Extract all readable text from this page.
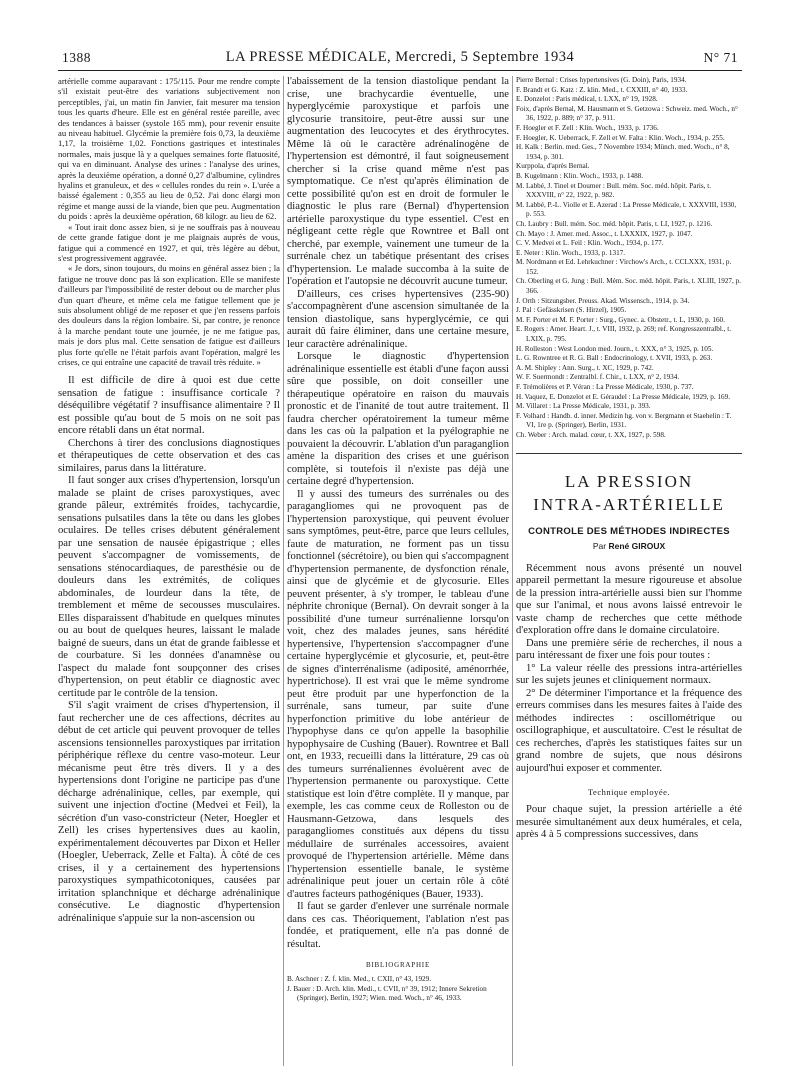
1388	LA PRESSE MÉDICALE, Mercredi, 5 Septembre 1934	N° 71

artérielle comme auparavant : 175/115. Pour me rendre compte s'il existait peut-être des variations subjectivement non perceptibles, j'ai, un matin fin Janvier, fait mesurer ma tension tous les quarts d'heure. Elle est en général restée pareille, avec des tendances à baisser (systole 165 mm), pour revenir ensuite au niveau habituel. Glycémie la première fois 0,73, la deuxième 1,17, la troisième 1,02. Fonctions gastriques et intestinales normales, mais jusque là y a quelques semaines forte flatuosité, qui va en diminuant. Analyse des urines : l'analyse des urines, après la deuxième opération, a donné 0,27 d'albumine, cylindres hyalins et granuleux, et des « cellules rondes du rein ». L'urée a baissé également : 0,355 au lieu de 0,52. J'ai donc élargi mon régime et mange aussi de la viande, bien que peu. Augmentation du poids : après la deuxième opération, 68 kilogr. au lieu de 62.

« Tout irait donc assez bien, si je ne souffrais pas à nouveau de cette grande fatigue dont je me plaignais auprès de vous, fatigue qui a commencé en 1927, et qui, très légère au début, s'est progressivement aggravée.

« Je dors, sinon toujours, du moins en général assez bien ; la fatigue ne trouve donc pas là son explication. Elle se manifeste d'ailleurs par l'impossibilité de rester debout ou de marcher plus d'un quart d'heure, et même cela me fatigue tellement que je suis absolument obligé de me reposer et que j'en ressens parfois des douleurs dans la région lombaire. Si, par contre, je renonce à la marche pendant toute une journée, je ne me fatigue pas, mais je dors plus mal. Cette sensation de fatigue est d'ailleurs plus forte qu'elle ne l'était parfois avant l'opération, malgré les crises, ce qui entraîne une capacité de travail très réduite. »

Il est difficile de dire à quoi est due cette sensation de fatigue : insuffisance corticale ? déséquilibre végétatif ? insuffisance alimentaire ? Il est possible qu'au bout de 5 mois on ne soit pas encore rétabli dans un état normal.

Cherchons à tirer des conclusions diagnostiques et thérapeutiques de cette observation et des cas similaires, parus dans la littérature.

Il faut songer aux crises d'hypertension, lorsqu'un malade se plaint de crises paroxystiques, avec grande pâleur, extrémités froides, tachycardie, sensations pulsatiles dans la tête ou dans les globes oculaires. De telles crises débutent généralement par une sensation de nausée épigastrique ; elles peuvent s'accompagner de vomissements, de sensations sténocardiaques, de paresthésie ou de douleurs dans les extrémités, de coliques abdominales, de lourdeur dans la tête, de tremblement et même de secousses musculaires. Elles disparaissent d'habitude en quelques minutes ou au bout de quelques heures, laissant le malade baigné de sueurs, dans un état de grande faiblesse et de courbature. Si les données d'anamnèse ou l'aspect du malade font soupçonner des crises d'hypertension, on peut établir ce diagnostic avec certitude par le contrôle de la tension.

S'il s'agit vraiment de crises d'hypertension, il faut rechercher une de ces affections, décrites au début de cet article qui peuvent provoquer de telles ascensions tensionnelles paroxystiques par irritation périphérique réflexe du centre vaso-moteur. Leur mécanisme peut être très divers. Il y a des hypertensions dont l'origine ne participe pas d'une décharge adrénalinique, celles, par exemple, qui suivent une injection d'octine (Medvei et Feil), la sécrétion d'un vaso-constricteur (Neter, Hoegler et Zell) les crises hypertensives dues au kaolin, expérimentalement découvertes par Dixon et Heller (Hoegler, Ueberrack, Zelle et Falta). À côté de ces crises, il y a certainement des hypertensions paroxystiques sympathicotoniques, causées par irritation splanchnique et décharge adrénalinique consécutive. Le diagnostic d'hypertension adrénalinique s'appuie sur la non-ascension ou

l'abaissement de la tension diastolique pendant la crise, une brachycardie éventuelle, une hyperglycémie paroxystique et parfois une glycosurie transitoire, peut-être aussi sur une augmentation des leucocytes et des érythrocytes. Même là où le caractère adrénalinogène de l'hypertension est démontré, il faut soigneusement chercher si la crise quand même n'est pas symptomatique. Ce n'est qu'après élimination de cette possibilité qu'on est en droit de formuler le diagnostic le plus rare (Bernal) d'hypertension artérielle paroxystique du type essentiel. C'est en négligeant cette règle que Rowntree et Ball ont cherché, par exemple, vainement une tumeur de la surrénale chez un tabétique présentant des crises d'hypertension. Le malade succomba à la suite de l'opération et l'autopsie ne découvrit aucune tumeur.

D'ailleurs, ces crises hypertensives (235-90) s'accompagnèrent d'une ascension simultanée de la tension diastolique, sans hyperglycémie, ce qui aurait dû faire éliminer, dans une certaine mesure, leur caractère adrénalinique.

Lorsque le diagnostic d'hypertension adrénalinique essentielle est établi d'une façon aussi sûre que possible, on doit conseiller une thérapeutique opératoire en raison du mauvais pronostic et de l'inanité de tout autre traitement. Il faudra chercher opératoirement la tumeur même dans les cas où la palpation et la pyélographie ne pouvaient la découvrir. L'ablation d'un paraganglion amène la disparition des crises et une guérison complète, si toutefois il n'existe pas déjà une certaine degré d'hypertension.

Il y aussi des tumeurs des surrénales ou des paragangliomes qui ne provoquent pas de l'hypertension paroxystique, qui peuvent évoluer sans symptômes, peut-être, parce que leurs cellules, faute de maturation, ne forment pas un tissu fonctionnel (sécrétoire), ou bien qui s'accompagnent d'hypertension permanente, de dysfonction rénale, ainsi que de glycémie et de glycosurie. Elles peuvent présenter, à s'y tromper, le tableau d'une néphrite chronique (Bernal). On devrait songer à la possibilité d'une tumeur surrénalienne lorsqu'on voit, chez des malades jeunes, sans hérédité hypertensive, l'hypertension s'accompagner d'une certaine hyperglycémie et glycosurie, et, peut-être de signes d'interrénalisme (adiposité, aménorrhée, hypertrichose). Il est vrai que le même syndrome peut être produit par une hyperfonction de la surrénale, sans tumeur, par suite d'une hyperfonction primitive du lobe antérieur de l'hypophyse dans ce qu'on appelle la basophilie hypophysaire de Cushing (Bauer). Rowntree et Ball ont, en 1933, recueilli dans la littérature, 29 cas où des tumeurs surrénaliennes évoluèrent avec de l'hypertension permanente ou paroxystique. Cette statistique est loin d'être complète. Il y manque, par exemple, les cas comme ceux de Rolleston ou de Hausmann-Getzowa, dans lesquels des paragangliomes constitués aux dépens du tissu médullaire de surrénales accessoires, avaient provoqué de l'hypertension artérielle. Même dans l'hypertension essentielle banale, le système adrénalinique peut jouer un certain rôle à côté d'autres facteurs pathogéniques (Bauer, 1933).

Il faut se garder d'enlever une surrénale normale dans ces cas. Théoriquement, l'ablation n'est pas fondée, et pratiquement, elle n'a pas donné de résultat.

BIBLIOGRAPHIE

B. Aschner : Z. f. klin. Med., t. CXII, n° 43, 1929.

J. Bauer : D. Arch. klin. Medi., t. CVII, n° 39, 1912; Innere Sekretion (Springer), Berlin, 1927; Wien. med. Woch., n° 46, 1933.

Pierre Bernal : Crises hypertensives (G. Doin), Paris, 1934.

F. Brandt et G. Katz : Z. klin. Med., t. CXXIII, n° 40, 1933.

E. Donzelot : Paris médical, t. LXX, n° 19, 1928.

Foix, d'après Bernal, M. Hausmann et S. Getzowa : Schweiz. med. Woch., n° 36, 1922, p. 889; n° 37, p. 911.

F. Hoegler et F. Zell : Klin. Woch., 1933, p. 1736.

F. Hoegler, K. Ueberrack, F. Zell et W. Falta : Klin. Woch., 1934, p. 255.

H. Kalk : Berlin. med. Ges., 7 Novembre 1934; Münch. med. Woch., n° 8, 1934, p. 301.

Kurppola, d'après Bernal.

B. Kugelmann : Klin. Woch., 1933, p. 1488.

M. Labbé, J. Tinel et Doumer : Bull. mém. Soc. méd. hôpit. Paris, t. XXXVIII, n° 22, 1922, p. 982.

M. Labbé, P.-L. Violle et E. Azerad : La Presse Médicale, t. XXXVIII, 1930, p. 553.

Ch. Laubry : Bull. mém. Soc. méd. hôpit. Paris, t. LI, 1927, p. 1216.

Ch. Mayo : J. Amer. med. Assoc., t. LXXXIX, 1927, p. 1047.

C. V. Medvei et L. Feil : Klin. Woch., 1934, p. 177.

E. Neter : Klin. Woch., 1933, p. 1317.

M. Nordmann et Ed. Lehrkuchner : Virchow's Arch., t. CCLXXX, 1931, p. 152.

Ch. Oberling et G. Jung : Bull. Mém. Soc. méd. hôpit. Paris, t. XLIII, 1927, p. 366.

J. Orth : Sitzungsber. Preuss. Akad. Wissensch., 1914, p. 34.

J. Pal : Gefässkrisen (S. Hirzel), 1905.

M. F. Porter et M. F. Porter : Surg., Gynec. a. Obstetr., t. L, 1930, p. 160.

E. Rogers : Amer. Heart. J., t. VIII, 1932, p. 269; ref. Kongresszentralbl., t. LXIX, p. 795.

H. Rolleston : West London med. Journ., t. XXX, n° 3, 1925, p. 105.

L. G. Rowntree et R. G. Ball : Endocrinology, t. XVII, 1933, p. 263.

A. M. Shipley : Ann. Surg., t. XC, 1929, p. 742.

W. F. Suermondt : Zentralbl. f. Chir., t. LXX, n° 2, 1934.

F. Trémolières et P. Véran : La Presse Médicale, 1930, p. 737.

H. Vaquez, E. Donzelot et E. Géraudel : La Presse Médicale, 1929, p. 169.

M. Villaret : La Presse Médicale, 1931, p. 393.

F. Volhard : Handb. d. inner. Medizin hg. von v. Bergmann et Staehelin : T. VI, 1re p. (Springer), Berlin, 1931.

Ch. Weber : Arch. malad. cœur, t. XX, 1927, p. 598.

LA PRESSION
INTRA-ARTÉRIELLE
CONTROLE DES MÉTHODES INDIRECTES
Par René GIROUX

Récemment nous avons présenté un nouvel appareil permettant la mesure rigoureuse et absolue de la pression intra-artérielle aussi bien sur l'homme que sur l'animal, et nous avons laissé entrevoir le vaste champ de recherches que cette méthode d'exploration offre dans le domaine circulatoire.

Dans une première série de recherches, il nous a paru intéressant de fixer une fois pour toutes :

1° La valeur réelle des pressions intra-artérielles sur les sujets jeunes et cliniquement normaux.

2° De déterminer l'importance et la fréquence des erreurs commises dans les mesures faites à l'aide des méthodes indirectes : oscillométrique ou oscillographique, et auscultatoire. C'est le résultat de ces recherches, d'après les statistiques faites sur un grand nombre de sujets, que nous désirons aujourd'hui exposer et commenter.

Technique employée.

Pour chaque sujet, la pression artérielle a été mesurée simultanément aux deux humérales, et cela, après 4 à 5 compressions successives, dans
